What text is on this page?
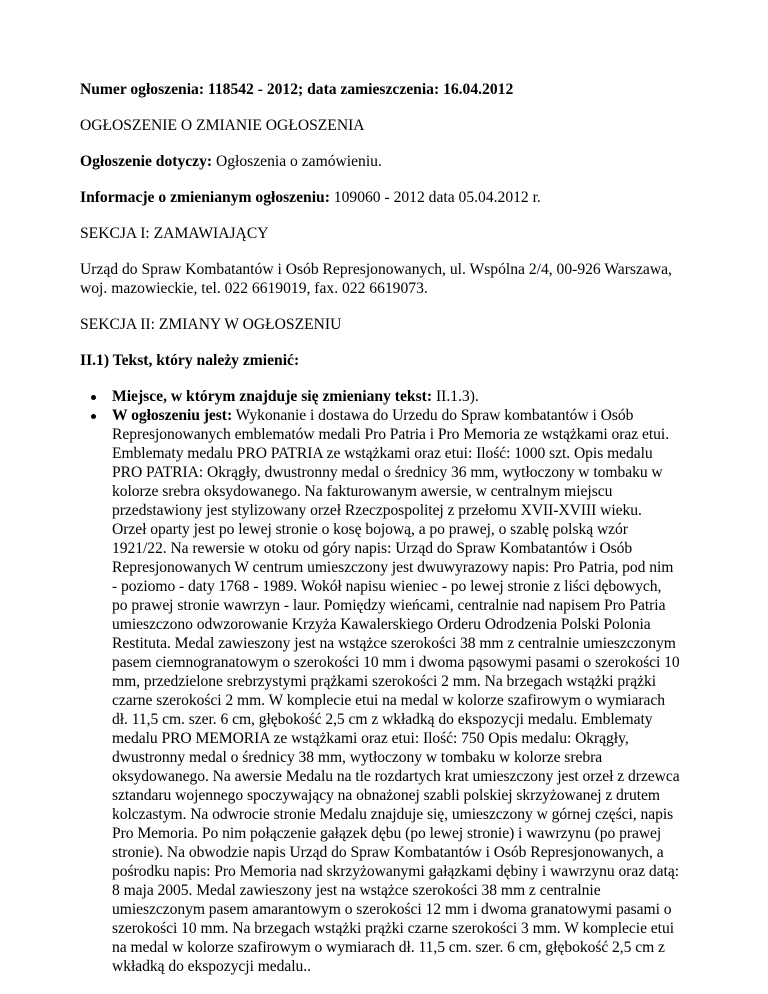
Numer ogłoszenia: 118542 - 2012; data zamieszczenia: 16.04.2012

OGŁOSZENIE O ZMIANIE OGŁOSZENIA

Ogłoszenie dotyczy: Ogłoszenia o zamówieniu.

Informacje o zmienianym ogłoszeniu: 109060 - 2012 data 05.04.2012 r.

SEKCJA I: ZAMAWIAJĄCY

Urząd do Spraw Kombatantów i Osób Represjonowanych, ul. Wspólna 2/4, 00-926 Warszawa, woj. mazowieckie, tel. 022 6619019, fax. 022 6619073.

SEKCJA II: ZMIANY W OGŁOSZENIU

II.1) Tekst, który należy zmienić:

Miejsce, w którym znajduje się zmieniany tekst: II.1.3).
W ogłoszeniu jest: Wykonanie i dostawa do Urzedu do Spraw kombatantów i Osób Represjonowanych emblematów medali Pro Patria i Pro Memoria ze wstążkami oraz etui. Emblematy medalu PRO PATRIA ze wstążkami oraz etui: Ilość: 1000 szt. Opis medalu PRO PATRIA: Okrągły, dwustronny medal o średnicy 36 mm, wytłoczony w tombaku w kolorze srebra oksydowanego. Na fakturowanym awersie, w centralnym miejscu przedstawiony jest stylizowany orzeł Rzeczpospolitej z przełomu XVII-XVIII wieku. Orzeł oparty jest po lewej stronie o kosę bojową, a po prawej, o szablę polską wzór 1921/22. Na rewersie w otoku od góry napis: Urząd do Spraw Kombatantów i Osób Represjonowanych W centrum umieszczony jest dwuwyrazowy napis: Pro Patria, pod nim - poziomo - daty 1768 - 1989. Wokół napisu wieniec - po lewej stronie z liści dębowych, po prawej stronie wawrzyn - laur. Pomiędzy wieńcami, centralnie nad napisem Pro Patria umieszczono odwzorowanie Krzyża Kawalerskiego Orderu Odrodzenia Polski Polonia Restituta. Medal zawieszony jest na wstążce szerokości 38 mm z centralnie umieszczonym pasem ciemnogranatowym o szerokości 10 mm i dwoma pąsowymi pasami o szerokości 10 mm, przedzielone srebrzystymi prążkami szerokości 2 mm. Na brzegach wstążki prążki czarne szerokości 2 mm. W komplecie etui na medal w kolorze szafirowym o wymiarach dł. 11,5 cm. szer. 6 cm, głębokość 2,5 cm z wkładką do ekspozycji medalu. Emblematy medalu PRO MEMORIA ze wstążkami oraz etui: Ilość: 750 Opis medalu: Okrągły, dwustronny medal o średnicy 38 mm, wytłoczony w tombaku w kolorze srebra oksydowanego. Na awersie Medalu na tle rozdartych krat umieszczony jest orzeł z drzewca sztandaru wojennego spoczywający na obnażonej szabli polskiej skrzyżowanej z drutem kolczastym. Na odwrocie stronie Medalu znajduje się, umieszczony w górnej części, napis Pro Memoria. Po nim połączenie gałązek dębu (po lewej stronie) i wawrzynu (po prawej stronie). Na obwodzie napis Urząd do Spraw Kombatantów i Osób Represjonowanych, a pośrodku napis: Pro Memoria nad skrzyżowanymi gałązkami dębiny i wawrzynu oraz datą: 8 maja 2005. Medal zawieszony jest na wstążce szerokości 38 mm z centralnie umieszczonym pasem amarantowym o szerokości 12 mm i dwoma granatowymi pasami o szerokości 10 mm. Na brzegach wstążki prążki czarne szerokości 3 mm. W komplecie etui na medal w kolorze szafirowym o wymiarach dł. 11,5 cm. szer. 6 cm, głębokość 2,5 cm z wkładką do ekspozycji medalu..
